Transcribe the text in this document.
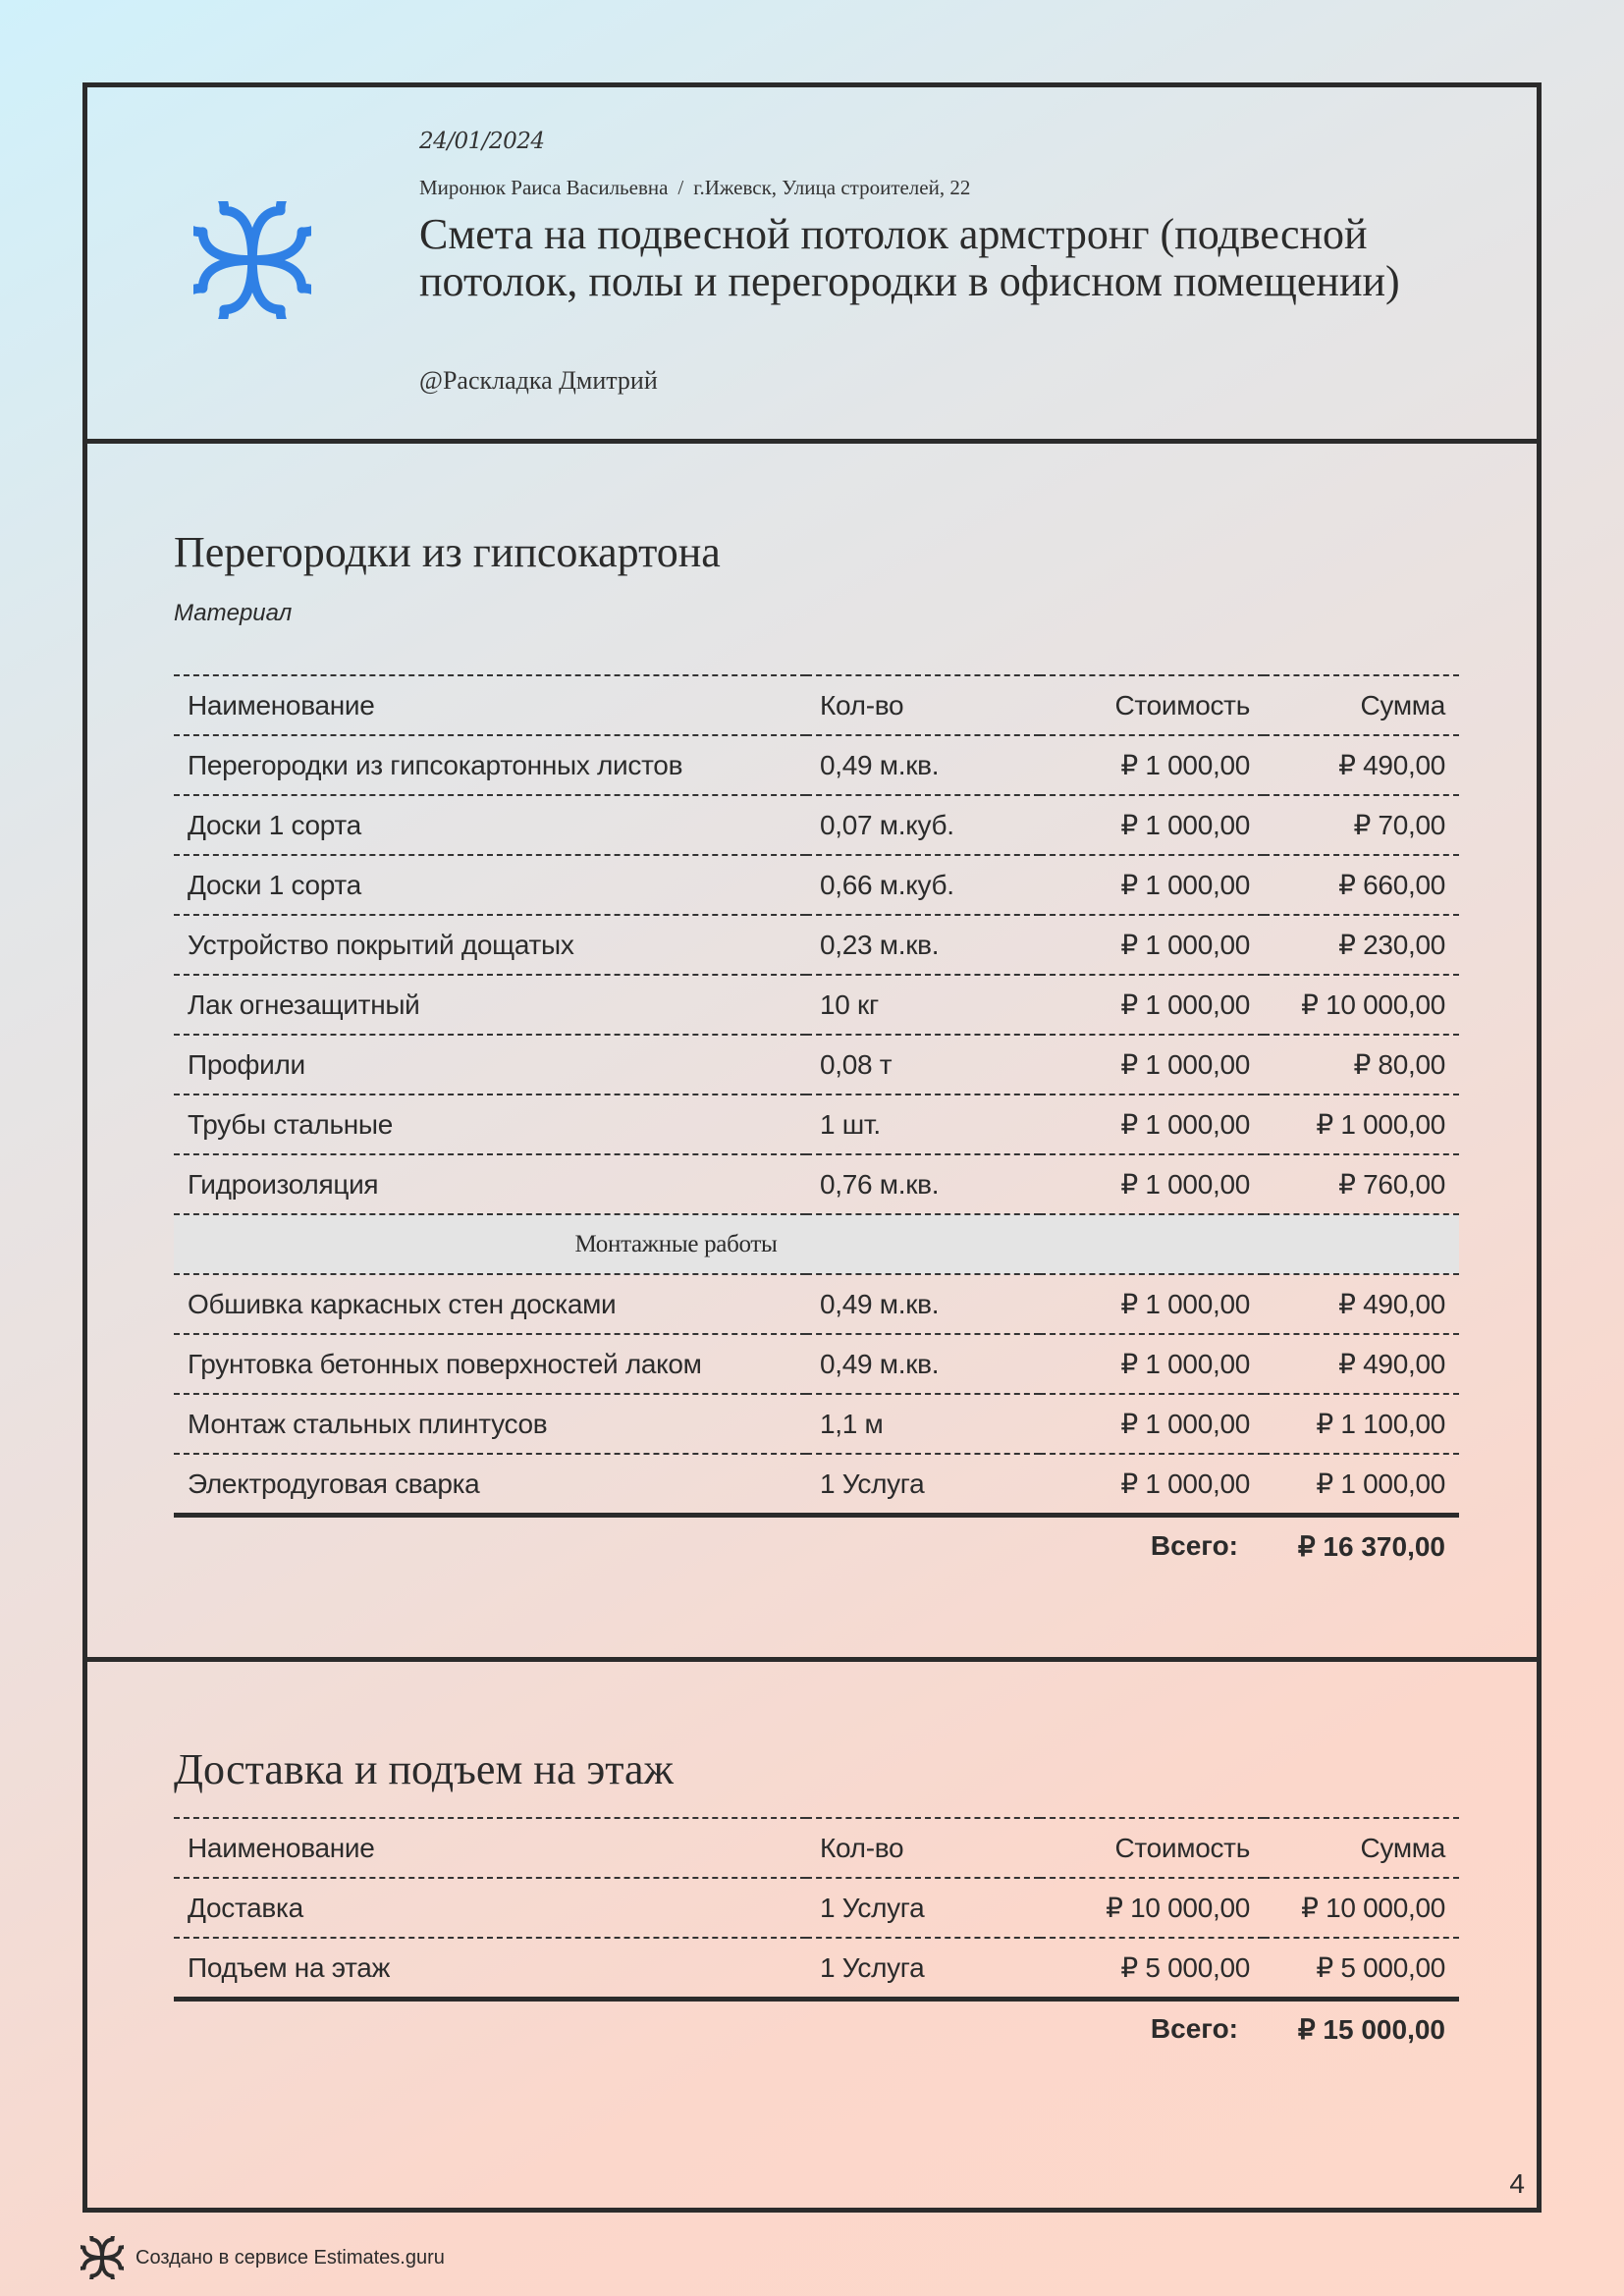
24/01/2024
Миронюк Раиса Васильевна / г.Ижевск, Улица строителей, 22
Смета на подвесной потолок армстронг (подвесной потолок, полы и перегородки в офисном помещении)
@Раскладка Дмитрий
Перегородки из гипсокартона
Материал
Наименование	Кол-во	Стоимость	Сумма
Перегородки из гипсокартонных листов	0,49 м.кв.	₽ 1 000,00	₽ 490,00
Доски 1 сорта	0,07 м.куб.	₽ 1 000,00	₽ 70,00
Доски 1 сорта	0,66 м.куб.	₽ 1 000,00	₽ 660,00
Устройство покрытий дощатых	0,23 м.кв.	₽ 1 000,00	₽ 230,00
Лак огнезащитный	10 кг	₽ 1 000,00	₽ 10 000,00
Профили	0,08 т	₽ 1 000,00	₽ 80,00
Трубы стальные	1 шт.	₽ 1 000,00	₽ 1 000,00
Гидроизоляция	0,76 м.кв.	₽ 1 000,00	₽ 760,00
Монтажные работы			
Обшивка каркасных стен досками	0,49 м.кв.	₽ 1 000,00	₽ 490,00
Грунтовка бетонных поверхностей лаком	0,49 м.кв.	₽ 1 000,00	₽ 490,00
Монтаж стальных плинтусов	1,1 м	₽ 1 000,00	₽ 1 100,00
Электродуговая сварка	1 Услуга	₽ 1 000,00	₽ 1 000,00
Всего: ₽ 16 370,00
Доставка и подъем на этаж
Наименование	Кол-во	Стоимость	Сумма
Доставка	1 Услуга	₽ 10 000,00	₽ 10 000,00
Подъем на этаж	1 Услуга	₽ 5 000,00	₽ 5 000,00
Всего: ₽ 15 000,00
4
Создано в сервисе Estimates.guru
